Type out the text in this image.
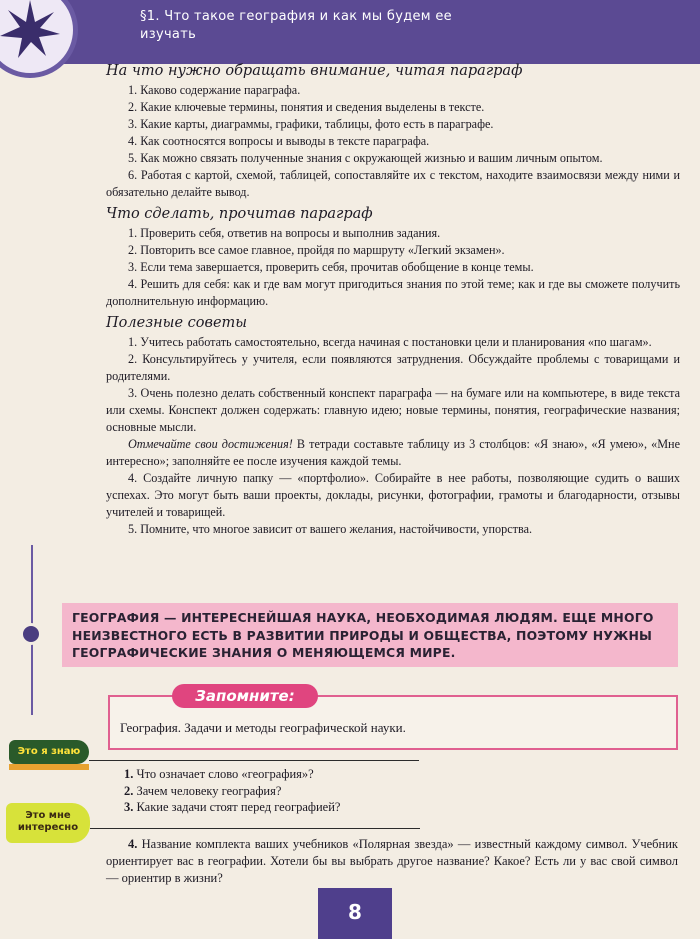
§1. Что такое география и как мы будем ее изучать

На что нужно обращать внимание, читая параграф

1. Каково содержание параграфа.

2. Какие ключевые термины, понятия и сведения выделены в тексте.

3. Какие карты, диаграммы, графики, таблицы, фото есть в параграфе.

4. Как соотносятся вопросы и выводы в тексте параграфа.

5. Как можно связать полученные знания с окружающей жизнью и вашим личным опытом.

6. Работая с картой, схемой, таблицей, сопоставляйте их с текстом, находите взаимосвязи между ними и обязательно делайте вывод.

Что сделать, прочитав параграф

1. Проверить себя, ответив на вопросы и выполнив задания.

2. Повторить все самое главное, пройдя по маршруту «Легкий экзамен».

3. Если тема завершается, проверить себя, прочитав обобщение в конце темы.

4. Решить для себя: как и где вам могут пригодиться знания по этой теме; как и где вы сможете получить дополнительную информацию.

Полезные советы

1. Учитесь работать самостоятельно, всегда начиная с постановки цели и планирования «по шагам».

2. Консультируйтесь у учителя, если появляются затруднения. Обсуждайте проблемы с товарищами и родителями.

3. Очень полезно делать собственный конспект параграфа — на бумаге или на компьютере, в виде текста или схемы. Конспект должен содержать: главную идею; новые термины, понятия, географические названия; основные мысли.

Отмечайте свои достижения! В тетради составьте таблицу из 3 столбцов: «Я знаю», «Я умею», «Мне интересно»; заполняйте ее после изучения каждой темы.

4. Создайте личную папку — «портфолио». Собирайте в нее работы, позволяющие судить о ваших успехах. Это могут быть ваши проекты, доклады, рисунки, фотографии, грамоты и благодарности, отзывы учителей и товарищей.

5. Помните, что многое зависит от вашего желания, настойчивости, упорства.

ГЕОГРАФИЯ — ИНТЕРЕСНЕЙШАЯ НАУКА, НЕОБХОДИМАЯ ЛЮДЯМ. ЕЩЕ МНОГО НЕИЗВЕСТНОГО ЕСТЬ В РАЗВИТИИ ПРИРОДЫ И ОБЩЕСТВА, ПОЭТОМУ НУЖНЫ ГЕОГРАФИЧЕСКИЕ ЗНАНИЯ О МЕНЯЮЩЕМСЯ МИРЕ.
Запомните:
География. Задачи и методы географической науки.
Это я знаю
Это мне
интересно
1. Что означает слово «география»?
2. Зачем человеку география?
3. Какие задачи стоят перед географией?

4. Название комплекта ваших учебников «Полярная звезда» — известный каждому символ. Учебник ориентирует вас в географии. Хотели бы вы выбрать другое название? Какое? Есть ли у вас свой символ — ориентир в жизни?

8
